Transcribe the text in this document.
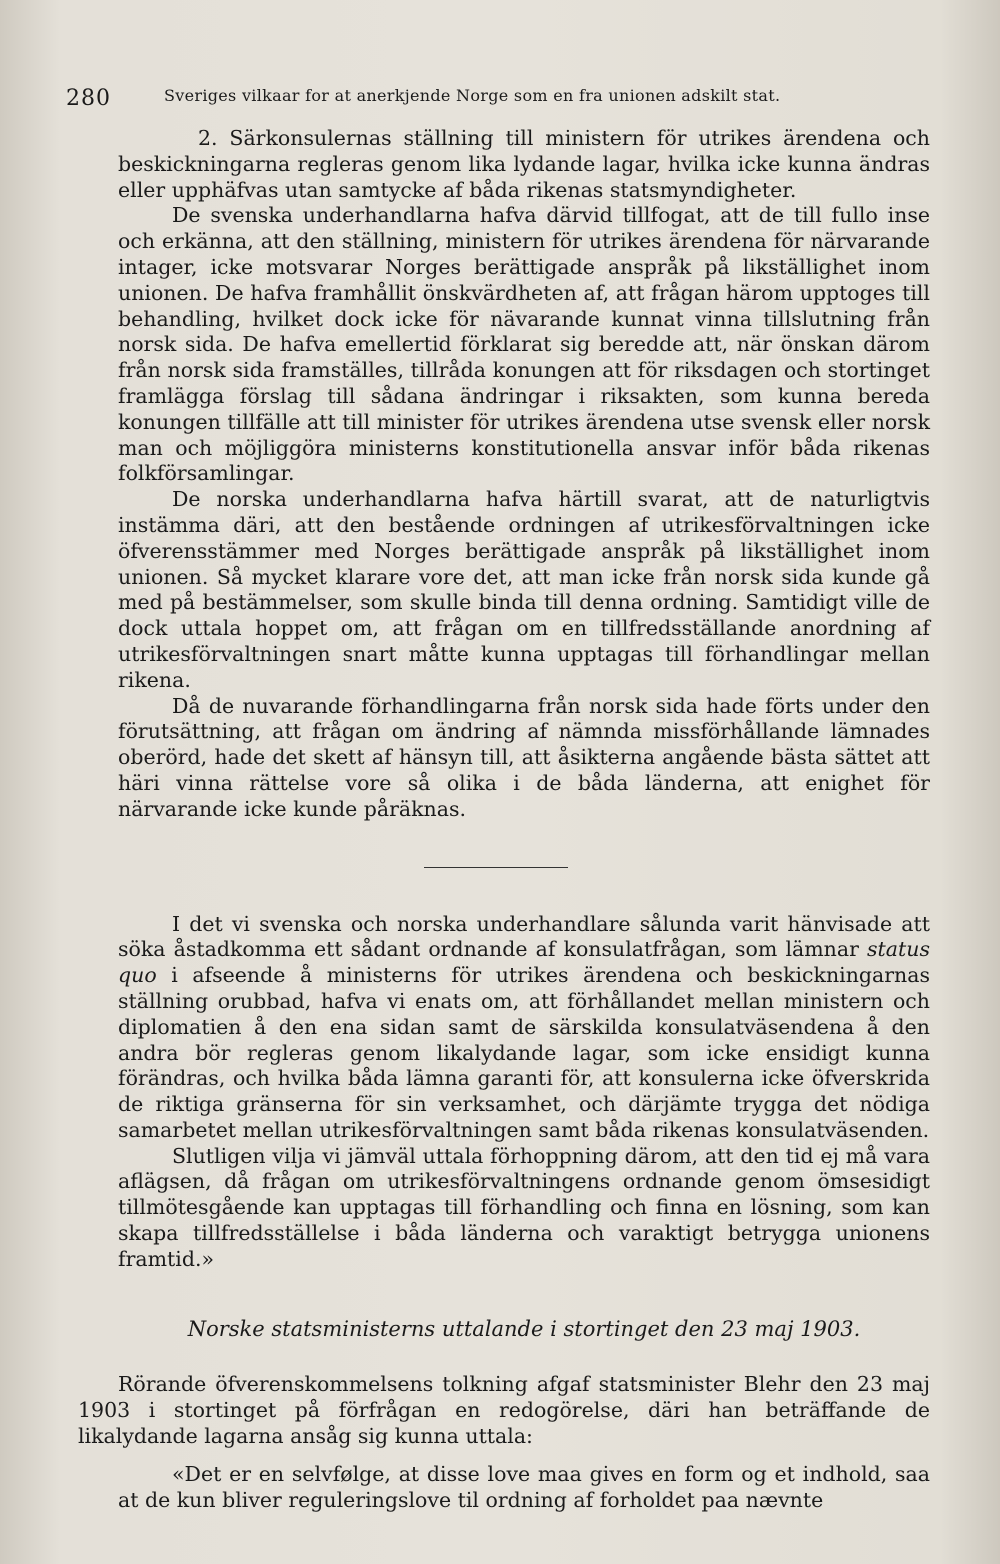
280	Sveriges vilkaar for at anerkjende Norge som en fra unionen adskilt stat.

2. Särkonsulernas ställning till ministern för utrikes ärendena och beskickningarna regleras genom lika lydande lagar, hvilka icke kunna ändras eller upphäfvas utan samtycke af båda rikenas statsmyndigheter.

De svenska underhandlarna hafva därvid tillfogat, att de till fullo inse och erkänna, att den ställning, ministern för utrikes ärendena för närvarande intager, icke motsvarar Norges berättigade anspråk på likställighet inom unionen. De hafva framhållit önskvärdheten af, att frågan härom upptoges till behandling, hvilket dock icke för nävarande kunnat vinna tillslutning från norsk sida. De hafva emellertid förklarat sig beredde att, när önskan därom från norsk sida framställes, tillråda konungen att för riksdagen och stortinget framlägga förslag till sådana ändringar i riksakten, som kunna bereda konungen tillfälle att till minister för utrikes ärendena utse svensk eller norsk man och möjliggöra ministerns konstitutionella ansvar inför båda rikenas folkförsamlingar.

De norska underhandlarna hafva härtill svarat, att de naturligtvis instämma däri, att den bestående ordningen af utrikesförvaltningen icke öfverensstämmer med Norges berättigade anspråk på likställighet inom unionen. Så mycket klarare vore det, att man icke från norsk sida kunde gå med på bestämmelser, som skulle binda till denna ordning. Samtidigt ville de dock uttala hoppet om, att frågan om en tillfredsställande anordning af utrikesförvaltningen snart måtte kunna upptagas till förhandlingar mellan rikena.

Då de nuvarande förhandlingarna från norsk sida hade förts under den förutsättning, att frågan om ändring af nämnda missförhållande lämnades oberörd, hade det skett af hänsyn till, att åsikterna angående bästa sättet att häri vinna rättelse vore så olika i de båda länderna, att enighet för närvarande icke kunde påräknas.

I det vi svenska och norska underhandlare sålunda varit hänvisade att söka åstadkomma ett sådant ordnande af konsulatfrågan, som lämnar status quo i afseende å ministerns för utrikes ärendena och beskickningarnas ställning orubbad, hafva vi enats om, att förhållandet mellan ministern och diplomatien å den ena sidan samt de särskilda konsulatväsendena å den andra bör regleras genom likalydande lagar, som icke ensidigt kunna förändras, och hvilka båda lämna garanti för, att konsulerna icke öfverskrida de riktiga gränserna för sin verksamhet, och därjämte trygga det nödiga samarbetet mellan utrikesförvaltningen samt båda rikenas konsulatväsenden.

Slutligen vilja vi jämväl uttala förhoppning därom, att den tid ej må vara aflägsen, då frågan om utrikesförvaltningens ordnande genom ömsesidigt tillmötesgående kan upptagas till förhandling och finna en lösning, som kan skapa tillfredsställelse i båda länderna och varaktigt betrygga unionens framtid.»

Norske statsministerns uttalande i stortinget den 23 maj 1903.

Rörande öfverenskommelsens tolkning afgaf statsminister Blehr den 23 maj 1903 i stortinget på förfrågan en redogörelse, däri han beträffande de likalydande lagarna ansåg sig kunna uttala:

«Det er en selvfølge, at disse love maa gives en form og et indhold, saa at de kun bliver reguleringslove til ordning af forholdet paa nævnte
